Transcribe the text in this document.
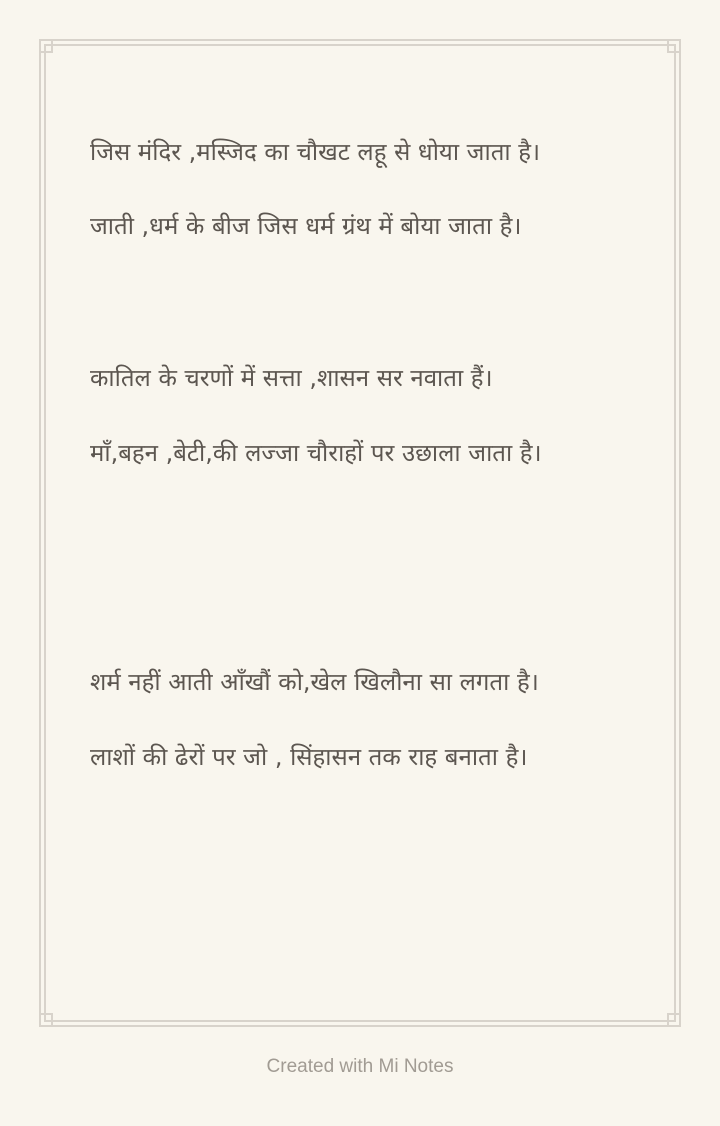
जिस मंदिर ,मस्जिद का चौखट लहू से धोया जाता है।

जाती ,धर्म के बीज जिस धर्म ग्रंथ में बोया जाता है।

कातिल के चरणों में सत्ता ,शासन सर नवाता हैं।

माँ,बहन ,बेटी,की लज्जा चौराहों पर उछाला जाता है।

शर्म नहीं आती आँखौं को,खेल खिलौना सा लगता है।

लाशों की ढेरों पर जो , सिंहासन तक राह बनाता है।

Created with Mi Notes
